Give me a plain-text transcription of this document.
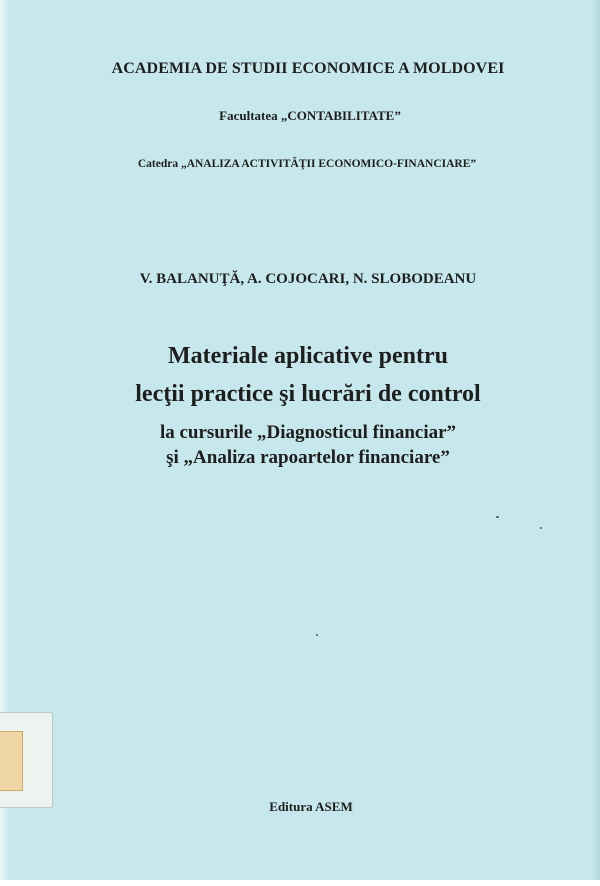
ACADEMIA DE STUDII ECONOMICE A MOLDOVEI
Facultatea „CONTABILITATE”
Catedra „ANALIZA ACTIVITĂŢII ECONOMICO-FINANCIARE”
V. BALANUŢĂ, A. COJOCARI, N. SLOBODEANU
Materiale aplicative pentru
lecţii practice şi lucrări de control
la cursurile „Diagnosticul financiar”
şi „Analiza rapoartelor financiare”
Editura ASEM
